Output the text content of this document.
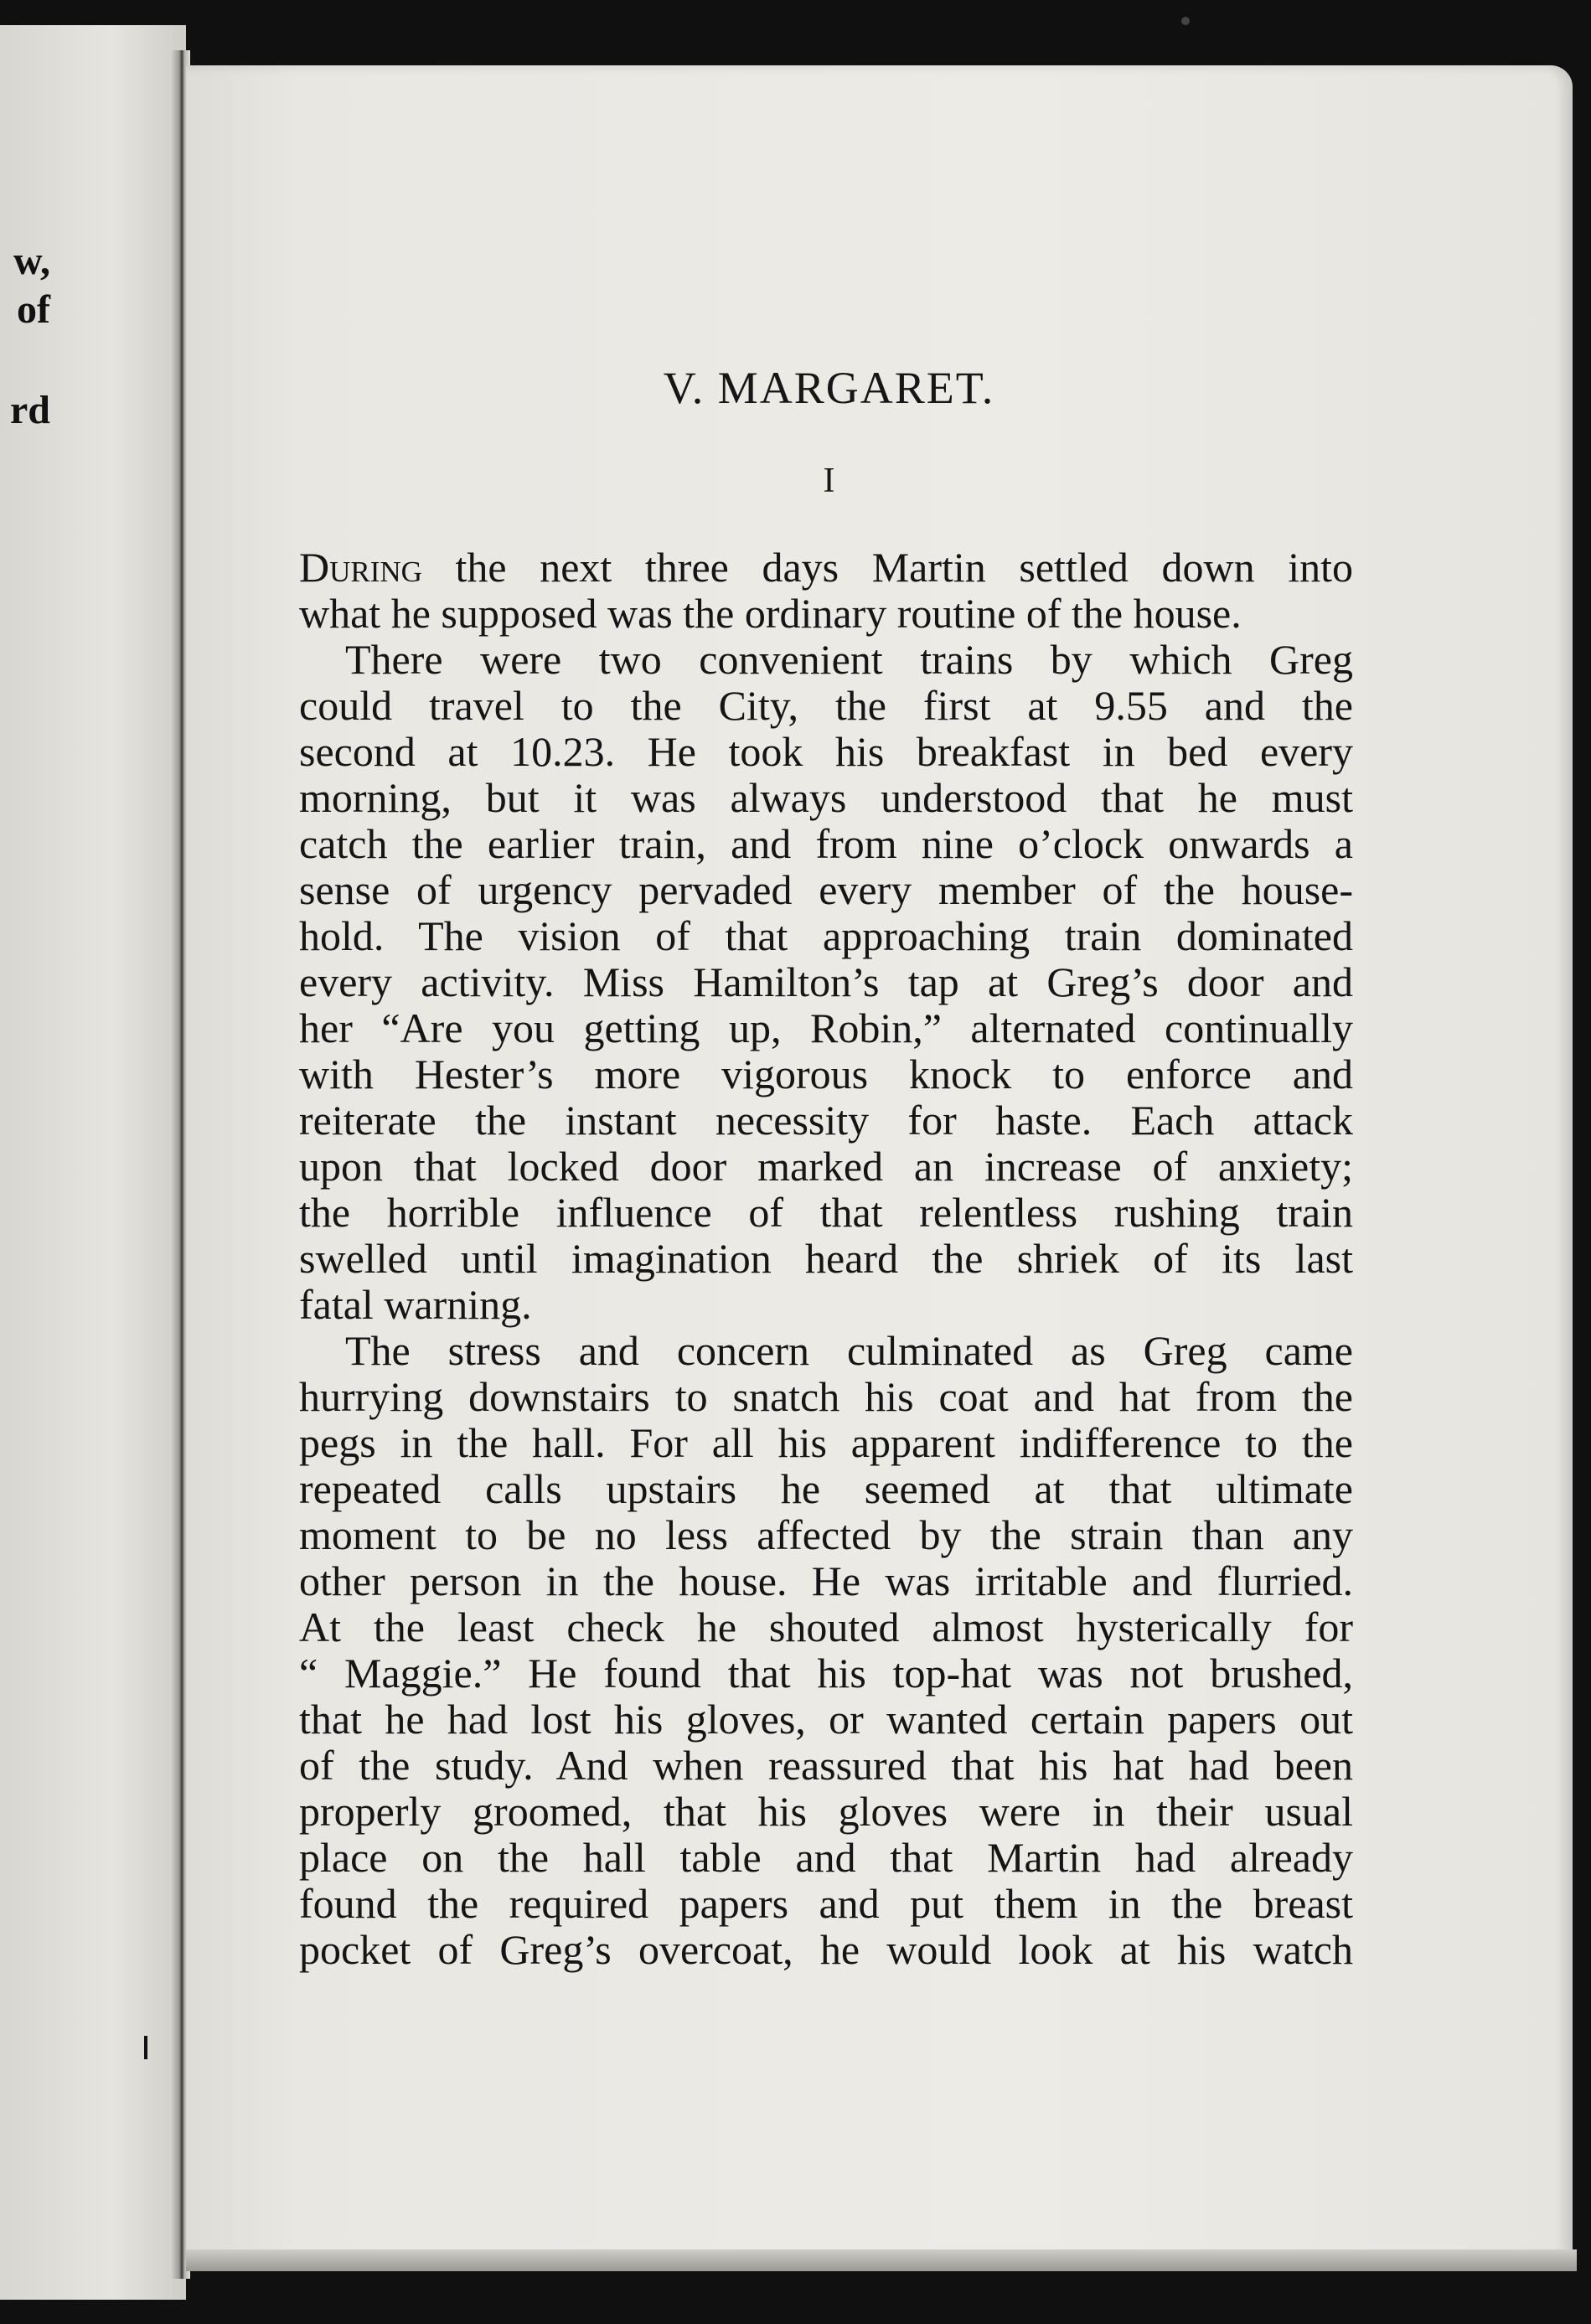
w,
of
rd	V. MARGARET.
I
During the next three days Martin settled down into
what he supposed was the ordinary routine of the house.
There were two convenient trains by which Greg
could travel to the City, the first at 9.55 and the
second at 10.23. He took his breakfast in bed every
morning, but it was always understood that he must
catch the earlier train, and from nine o’clock onwards a
sense of urgency pervaded every member of the house-
hold. The vision of that approaching train dominated
every activity. Miss Hamilton’s tap at Greg’s door and
her “Are you getting up, Robin,” alternated continually
with Hester’s more vigorous knock to enforce and
reiterate the instant necessity for haste. Each attack
upon that locked door marked an increase of anxiety;
the horrible influence of that relentless rushing train
swelled until imagination heard the shriek of its last
fatal warning.
The stress and concern culminated as Greg came
hurrying downstairs to snatch his coat and hat from the
pegs in the hall. For all his apparent indifference to the
repeated calls upstairs he seemed at that ultimate
moment to be no less affected by the strain than any
other person in the house. He was irritable and flurried.
At the least check he shouted almost hysterically for
“ Maggie.” He found that his top-hat was not brushed,
that he had lost his gloves, or wanted certain papers out
of the study. And when reassured that his hat had been
properly groomed, that his gloves were in their usual
place on the hall table and that Martin had already
found the required papers and put them in the breast
pocket of Greg’s overcoat, he would look at his watch
